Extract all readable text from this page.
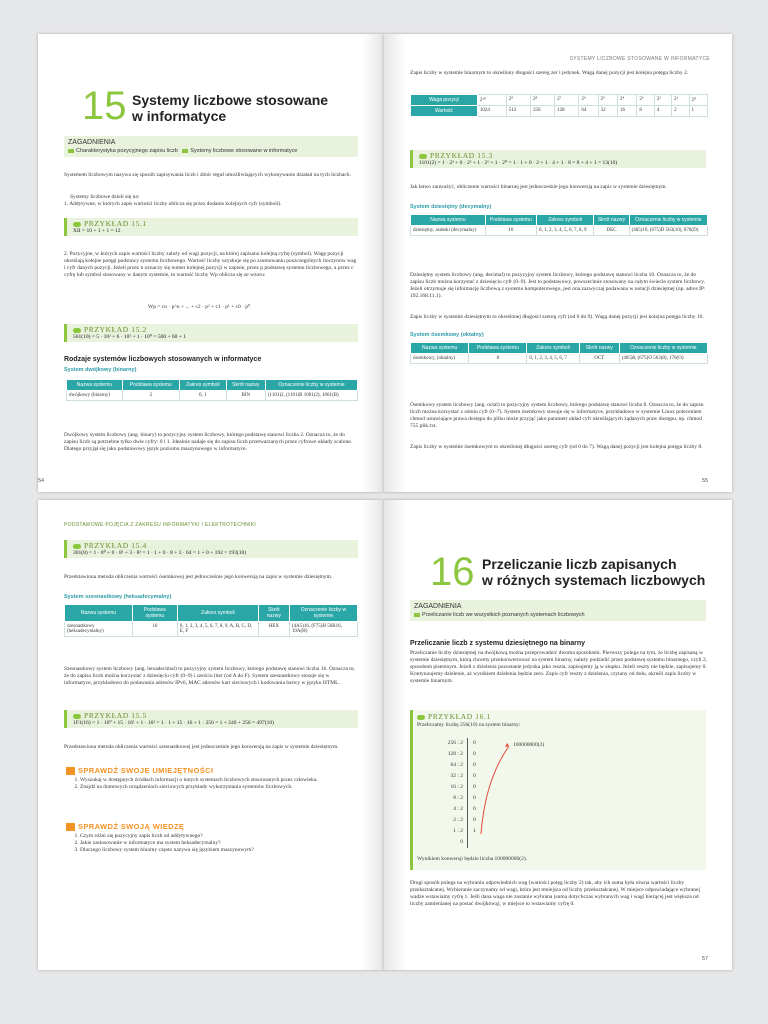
15 Systemy liczbowe stosowane
w informatyce
ZAGADNIENIA
Charakterystyka pozycyjnego zapisu liczb Systemy liczbowe stosowane w informatyce
Systemem liczbowym nazywa się sposób zapisywania liczb i zbiór reguł umożliwiających wykonywanie działań na tych liczbach.
Systemy liczbowe dzieli się na:
1. Addytywne, w których zapis wartości liczby oblicza się przez dodanie kolejnych cyfr (symboli).
PRZYKŁAD 15.1
XII = 10 + 1 + 1 = 12
2. Pozycyjne, w których zapis wartości liczby zależy od wagi pozycji, na której zapisano kolejną cyfrę (symbol). Wagę pozycji określają kolejne potęgi podstawy systemu liczbowego. Wartość liczby uzyskuje się po zsumowaniu poszczególnych iloczynów wag i cyfr danych pozycji. Jeżeli przez n oznaczy się numer kolejnej pozycji w zapisie, przez p podstawę systemu liczbowego, a przez c cyfrę lub symbol stosowany w danym systemie, to wartość liczby Wp oblicza się ze wzoru:
Wp = cn · p^n + ... + c2 · p² + c1 · p¹ + c0 · p⁰
PRZYKŁAD 15.2
561(10) = 5 · 10² + 6 · 10¹ + 1 · 10⁰ = 500 + 60 + 1
Rodzaje systemów liczbowych stosowanych w informatyce
System dwójkowy (binarny)
Nazwa systemu	Podstawa systemu	Zakres symboli	Skrót nazwy	Oznaczenie liczby w systemie
dwójkowy (binarny)	2	0, 1	BIN	(1101)2, (1101)B 1001(2), 1001(B)
Dwójkowy system liczbowy (ang. binary) to pozycyjny system liczbowy, którego podstawę stanowi liczba 2. Oznacza to, że do zapisu liczb są potrzebne tylko dwie cyfry: 0 i 1. Idealnie nadaje się do zapisu liczb przetwarzanych przez cyfrowe układy scalone. Dlatego przyjął się jako podstawowy język poziomu maszynowego w informatyce.
54
SYSTEMY LICZBOWE STOSOWANE W INFORMATYCE
Zapis liczby w systemie binarnym to określony długości szereg zer i jedynek. Wagą danej pozycji jest kolejna potęga liczby 2.
Waga pozycji	2¹⁰	2⁹	2⁸	2⁷	2⁶	2⁵	2⁴	2³	2²	2¹	2⁰
Wartość	1024	512	256	128	64	32	16	8	4	2	1
PRZYKŁAD 15.3
1101(2) = 1 · 2³ + 0 · 2² + 1 · 2¹ + 1 · 2⁰ = 1 · 1 + 0 · 2 + 1 · 4 + 1 · 8 = 8 + 4 + 1 = 13(10)
Jak łatwo zauważyć, obliczenie wartości binarnej jest jednocześnie jego konwersją na zapis w systemie dziesiętnym.
System dziesiętny (decymalny)
Nazwa systemu	Podstawa systemu	Zakres symboli	Skrót nazwy	Oznaczenie liczby w systemie
dziesiętny, arabski (decymalny)	10	0, 1, 2, 3, 4, 5, 6, 7, 8, 9	DEC	(465)10, (675)D 563(10), 876(D)
Dziesiętny system liczbowy (ang. decimal) to pozycyjny system liczbowy, którego podstawę stanowi liczba 10. Oznacza to, że do zapisu liczb można korzystać z dziesięciu cyfr (0–9). Jest to podstawowy, powszechnie stosowany na całym świecie system liczbowy. Jeżeli otrzymuje się informację liczbową z systemu komputerowego, jest ona zazwyczaj podawana w notacji dziesiętnej (np. adres IP: 192.168.11.1).
Zapis liczby w systemie dziesiętnym to określonej długości szereg cyfr (od 0 do 9). Wagą danej pozycji jest kolejna potęga liczby 10.
System ósemkowy (oktalny)
Nazwa systemu	Podstawa systemu	Zakres symboli	Skrót nazwy	Oznaczenie liczby w systemie
ósemkowy, (oktalny)	8	0, 1, 2, 3, 4, 5, 6, 7	OCT	(465)8, (675)O 563(8), 176(O)
Ósemkowy system liczbowy (ang. octal) to pozycyjny system liczbowy, którego podstawę stanowi liczba 8. Oznacza to, że do zapisu liczb można korzystać z ośmiu cyfr (0–7). System ósemkowy stosuje się w informatyce, przykładowo w systemie Linux poleceniem chmod ustawiające prawa dostępu do pliku może przyjąć jako parametr układ cyfr określających żądanych praw dostępu, np. chmod 755 plik.txt.
Zapis liczby w systemie ósemkowym to określonej długości szereg cyfr (od 0 do 7). Wagą danej pozycji jest kolejna potęga liczby 8.
55
PODSTAWOWE POJĘCIA Z ZAKRESU INFORMATYKI I ELEKTROTECHNIKI
PRZYKŁAD 15.4
301(8) = 1 · 8⁰ + 0 · 8¹ + 3 · 8² = 1 · 1 + 0 · 8 + 3 · 64 = 1 + 0 + 192 = 193(10)
Przedstawiona metoda obliczenia wartości ósemkowej jest jednocześnie jego konwersją na zapis w systemie dziesiętnym.
System szesnastkowy (heksadecymalny)
Nazwa systemu	Podstawa systemu	Zakres symboli	Skrót nazwy	Oznaczenie liczby w systemie
szesnastkowy (heksadecymalny)	16	0, 1, 2, 3, 4, 5, 6, 7, 8, 9, A, B, C, D, E, F	HEX	(4A5)16, (F75)H 56B16, 19A(H)
Szesnastkowy system liczbowy (ang. hexadecimal) to pozycyjny system liczbowy, którego podstawę stanowi liczba 16. Oznacza to, że do zapisu liczb można korzystać z dziesięciu cyfr (0–9) i sześciu liter (od A do F). System szesnastkowy stosuje się w informatyce, przykładowo do podawania adresów IPv6, MAC adresów kart sieciowych i kodowania barwy w języku HTML.
PRZYKŁAD 15.5
1F1(16) = 1 · 16⁰ + 15 · 16¹ + 1 · 16² = 1 · 1 + 15 · 16 + 1 · 256 = 1 + 240 + 256 = 497(10)
Przedstawiona metoda obliczenia wartości szesnastkowej jest jednocześnie jego konwersją na zapis w systemie dziesiętnym.
SPRAWDŹ SWOJE UMIEJĘTNOŚCI
1. Wyszukaj w dostępnych źródłach informacji o innych systemach liczbowych stosowanych przez człowieka.
2. Znajdź na domowych urządzeniach sieciowych przykłady wykorzystania systemów liczbowych.
SPRAWDŹ SWOJĄ WIEDZĘ
1. Czym różni się pozycyjny zapis liczb od addytywnego?
2. Jakie zastosowanie w informatyce ma system heksadecymalny?
3. Dlaczego liczbowy system binarny często nazywa się językiem maszynowym?
16 Przeliczanie liczb zapisanych
w różnych systemach liczbowych
ZAGADNIENIA
Przeliczanie liczb we wszystkich poznanych systemach liczbowych
Przeliczanie liczb z systemu dziesiętnego na binarny
Przeliczanie liczby dziesiętnej na dwójkową można przeprowadzić dwoma sposobami. Pierwszy polega na tym, że liczbę zapisaną w systemie dziesiętnym, którą chcemy przekonwertować na system binarny, należy podzielić przez podstawę systemu binarnego, czyli 2, sposobem pisemnym. Jeżeli z dzielenia pozostanie jedynka jako reszta, zapisujemy ją w słupku. Jeżeli reszty nie będzie, zapisujemy 0. Kontynuujemy dzielenie, aż wynikiem dzielenia będzie zero. Zapis cyfr reszty z dzielenia, czytany od dołu, określi zapis liczby w systemie binarnym.
PRZYKŁAD 16.1
Przeliczamy liczbę 256(10) na system binarny:
256 : 2	0
128 : 2	0
64 : 2	0
32 : 2	0
16 : 2	0
8 : 2	0
4 : 2	0
2 : 2	0
1 : 2	1
0
100000000(2)
Wynikiem konwersji będzie liczba 100000000(2).
Drugi sposób polega na wybraniu odpowiednich wag (wartości potęg liczby 2) tak, aby ich suma była równa wartości liczby przekształcanej. Wybieranie zaczynamy od wagi, która jest mniejsza od liczby przekształcanej. W miejsce odpowiadające wybranej wadze wstawiamy cyfrę 1. Jeśli dana waga nie zostanie wybrana (suma dotychczas wybranych wag i wagi bieżącej jest większa od liczby zamienianej na postać dwójkową), w miejsce to wstawiamy cyfrę 0.
57
